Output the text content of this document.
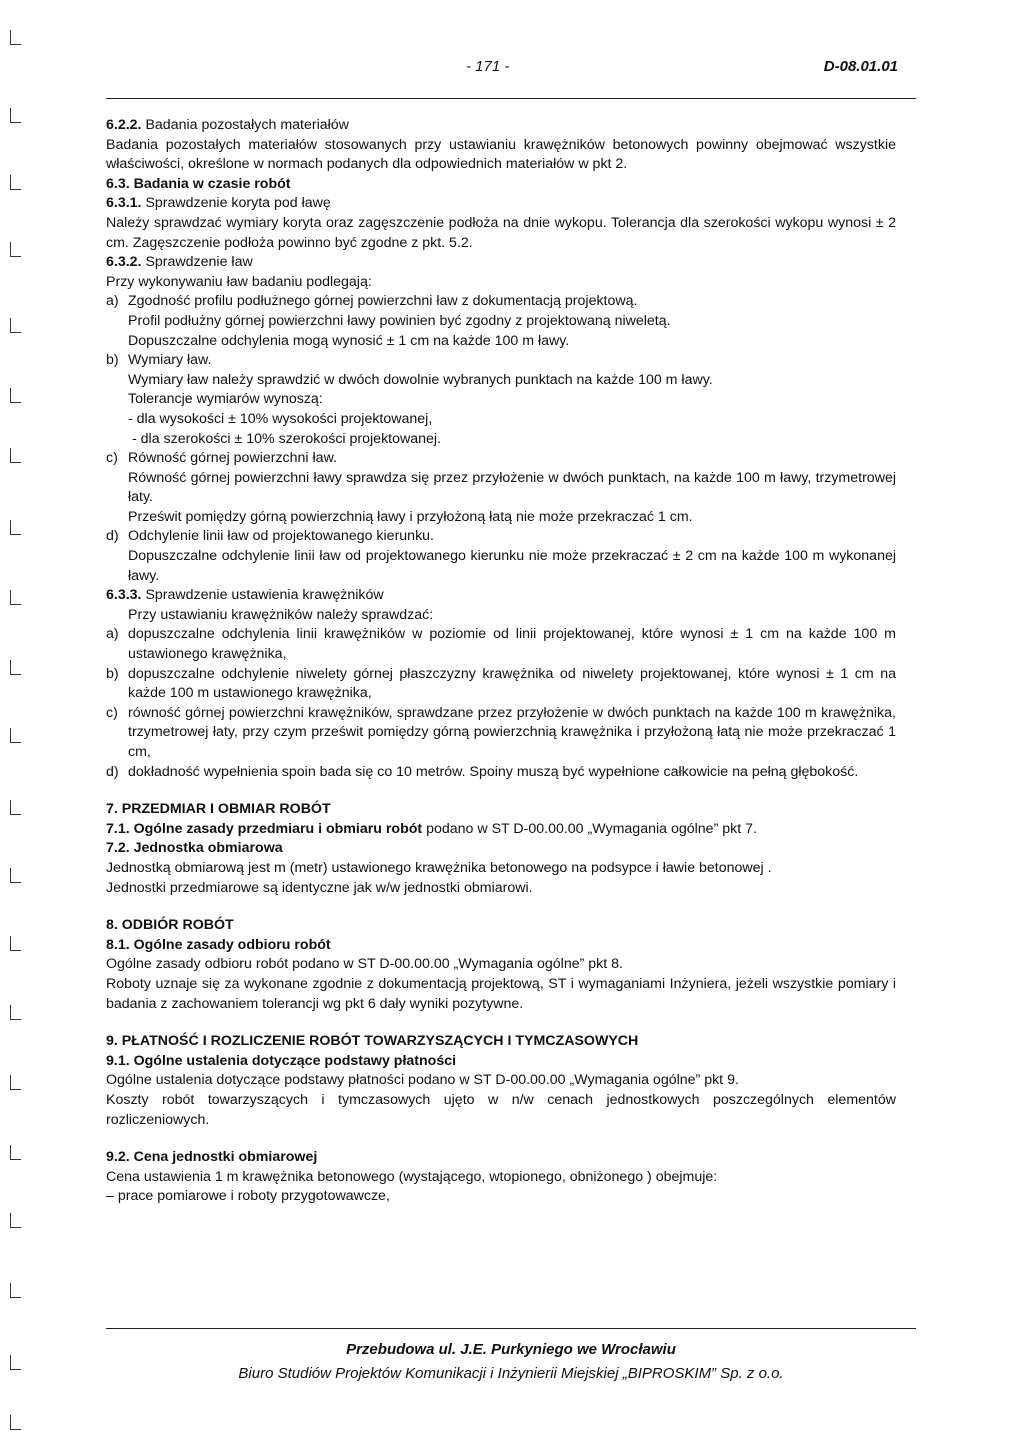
- 171 -	D-08.01.01
6.2.2. Badania pozostałych materiałów

Badania pozostałych materiałów stosowanych przy ustawianiu krawężników betonowych powinny obejmować wszystkie właściwości, określone w normach podanych dla odpowiednich materiałów w pkt 2.

6.3. Badania w czasie robót
6.3.1. Sprawdzenie koryta pod ławę

Należy sprawdzać wymiary koryta oraz zagęszczenie podłoża na dnie wykopu. Tolerancja dla szerokości wykopu wynosi ± 2 cm. Zagęszczenie podłoża powinno być zgodne z pkt. 5.2.

6.3.2. Sprawdzenie ław
Przy wykonywaniu ław badaniu podlegają:
a) Zgodność profilu podłużnego górnej powierzchni ław z dokumentacją projektową.
Profil podłużny górnej powierzchni ławy powinien być zgodny z projektowaną niweletą.
Dopuszczalne odchylenia mogą wynosić ± 1 cm na każde 100 m ławy.
b) Wymiary ław.
Wymiary ław należy sprawdzić w dwóch dowolnie wybranych punktach na każde 100 m ławy.
Tolerancje wymiarów wynoszą:
- dla wysokości ± 10% wysokości projektowanej,
- dla szerokości ± 10% szerokości projektowanej.
c) Równość górnej powierzchni ław.
Równość górnej powierzchni ławy sprawdza się przez przyłożenie w dwóch punktach, na każde 100 m ławy, trzymetrowej łaty.
Prześwit pomiędzy górną powierzchnią ławy i przyłożoną łatą nie może przekraczać 1 cm.
d) Odchylenie linii ław od projektowanego kierunku.
Dopuszczalne odchylenie linii ław od projektowanego kierunku nie może przekraczać ± 2 cm na każde 100 m wykonanej ławy.
6.3.3. Sprawdzenie ustawienia krawężników
Przy ustawianiu krawężników należy sprawdzać:
a) dopuszczalne odchylenia linii krawężników w poziomie od linii projektowanej, które wynosi ± 1 cm na każde 100 m ustawionego krawężnika,
b) dopuszczalne odchylenie niwelety górnej płaszczyzny krawężnika od niwelety projektowanej, które wynosi ± 1 cm na każde 100 m ustawionego krawężnika,
c) równość górnej powierzchni krawężników, sprawdzane przez przyłożenie w dwóch punktach na każde 100 m krawężnika, trzymetrowej łaty, przy czym prześwit pomiędzy górną powierzchnią krawężnika i przyłożoną łatą nie może przekraczać 1 cm,
d) dokładność wypełnienia spoin bada się co 10 metrów. Spoiny muszą być wypełnione całkowicie na pełną głębokość.
7. PRZEDMIAR I OBMIAR ROBÓT

7.1. Ogólne zasady przedmiaru i obmiaru robót podano w ST D-00.00.00 „Wymagania ogólne” pkt 7.

7.2. Jednostka obmiarowa

Jednostką obmiarową jest m (metr) ustawionego krawężnika betonowego na podsypce i ławie betonowej .

Jednostki przedmiarowe są identyczne jak w/w jednostki obmiarowi.

8. ODBIÓR ROBÓT
8.1. Ogólne zasady odbioru robót

Ogólne zasady odbioru robót podano w ST D-00.00.00 „Wymagania ogólne” pkt 8.

Roboty uznaje się za wykonane zgodnie z dokumentacją projektową, ST i wymaganiami Inżyniera, jeżeli wszystkie pomiary i badania z zachowaniem tolerancji wg pkt 6 dały wyniki pozytywne.

9. PŁATNOŚĆ I ROZLICZENIE ROBÓT TOWARZYSZĄCYCH I TYMCZASOWYCH
9.1. Ogólne ustalenia dotyczące podstawy płatności

Ogólne ustalenia dotyczące podstawy płatności podano w ST D-00.00.00 „Wymagania ogólne” pkt 9.

Koszty robót towarzyszących i tymczasowych ujęto w n/w cenach jednostkowych poszczególnych elementów rozliczeniowych.

9.2. Cena jednostki obmiarowej

Cena ustawienia 1 m krawężnika betonowego (wystającego, wtopionego, obniżonego ) obejmuje:

– prace pomiarowe i roboty przygotowawcze,

Przebudowa ul. J.E. Purkyniego we Wrocławiu
Biuro Studiów Projektów Komunikacji i Inżynierii Miejskiej „BIPROSKIM” Sp. z o.o.
